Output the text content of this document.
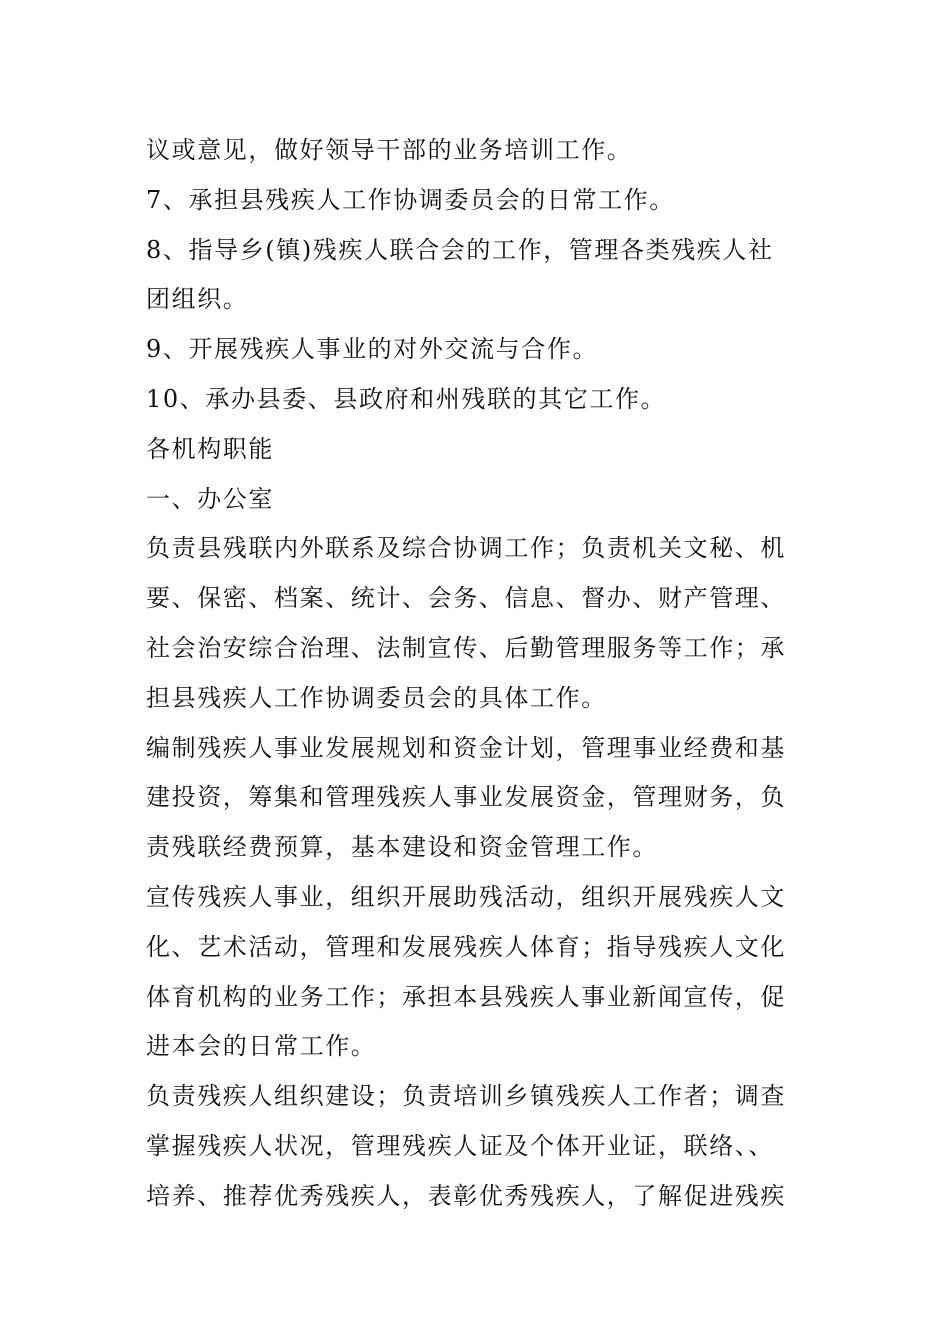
议或意见，做好领导干部的业务培训工作。
7、承担县残疾人工作协调委员会的日常工作。
8、指导乡(镇)残疾人联合会的工作，管理各类残疾人社
团组织。
9、开展残疾人事业的对外交流与合作。
10、承办县委、县政府和州残联的其它工作。
各机构职能
一、办公室
负责县残联内外联系及综合协调工作；负责机关文秘、机
要、保密、档案、统计、会务、信息、督办、财产管理、
社会治安综合治理、法制宣传、后勤管理服务等工作；承
担县残疾人工作协调委员会的具体工作。
编制残疾人事业发展规划和资金计划，管理事业经费和基
建投资，筹集和管理残疾人事业发展资金，管理财务，负
责残联经费预算，基本建设和资金管理工作。
宣传残疾人事业，组织开展助残活动，组织开展残疾人文
化、艺术活动，管理和发展残疾人体育；指导残疾人文化
体育机构的业务工作；承担本县残疾人事业新闻宣传，促
进本会的日常工作。
负责残疾人组织建设；负责培训乡镇残疾人工作者；调查
掌握残疾人状况，管理残疾人证及个体开业证，联络、、
培养、推荐优秀残疾人，表彰优秀残疾人，了解促进残疾
